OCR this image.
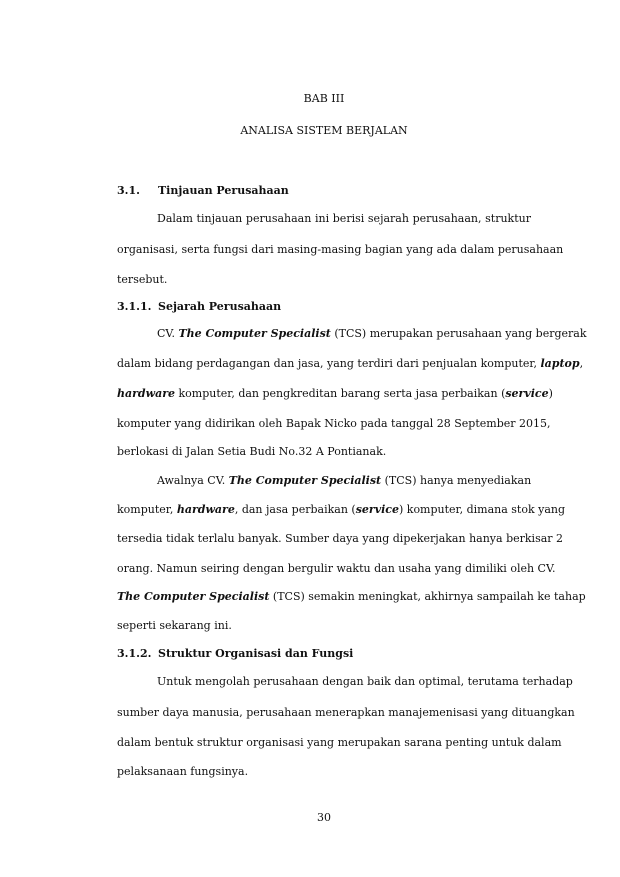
BAB III
ANALISA SISTEM BERJALAN
3.1. Tinjauan Perusahaan
Dalam tinjauan perusahaan ini berisi sejarah perusahaan, struktur
organisasi, serta fungsi dari masing-masing bagian yang ada dalam perusahaan
tersebut.
3.1.1. Sejarah Perusahaan
CV. The Computer Specialist (TCS) merupakan perusahaan yang bergerak
dalam bidang perdagangan dan jasa, yang terdiri dari penjualan komputer, laptop,
hardware komputer, dan pengkreditan barang serta jasa perbaikan (service)
komputer yang didirikan oleh Bapak Nicko pada tanggal 28 September 2015,
berlokasi di Jalan Setia Budi No.32 A Pontianak.
Awalnya CV. The Computer Specialist (TCS) hanya menyediakan
komputer, hardware, dan jasa perbaikan (service) komputer, dimana stok yang
tersedia tidak terlalu banyak. Sumber daya yang dipekerjakan hanya berkisar 2
orang. Namun seiring dengan bergulir waktu dan usaha yang dimiliki oleh CV.
The Computer Specialist (TCS) semakin meningkat, akhirnya sampailah ke tahap
seperti sekarang ini.
3.1.2. Struktur Organisasi dan Fungsi
Untuk mengolah perusahaan dengan baik dan optimal, terutama terhadap
sumber daya manusia, perusahaan menerapkan manajemenisasi yang dituangkan
dalam bentuk struktur organisasi yang merupakan sarana penting untuk dalam
pelaksanaan fungsinya.
30
